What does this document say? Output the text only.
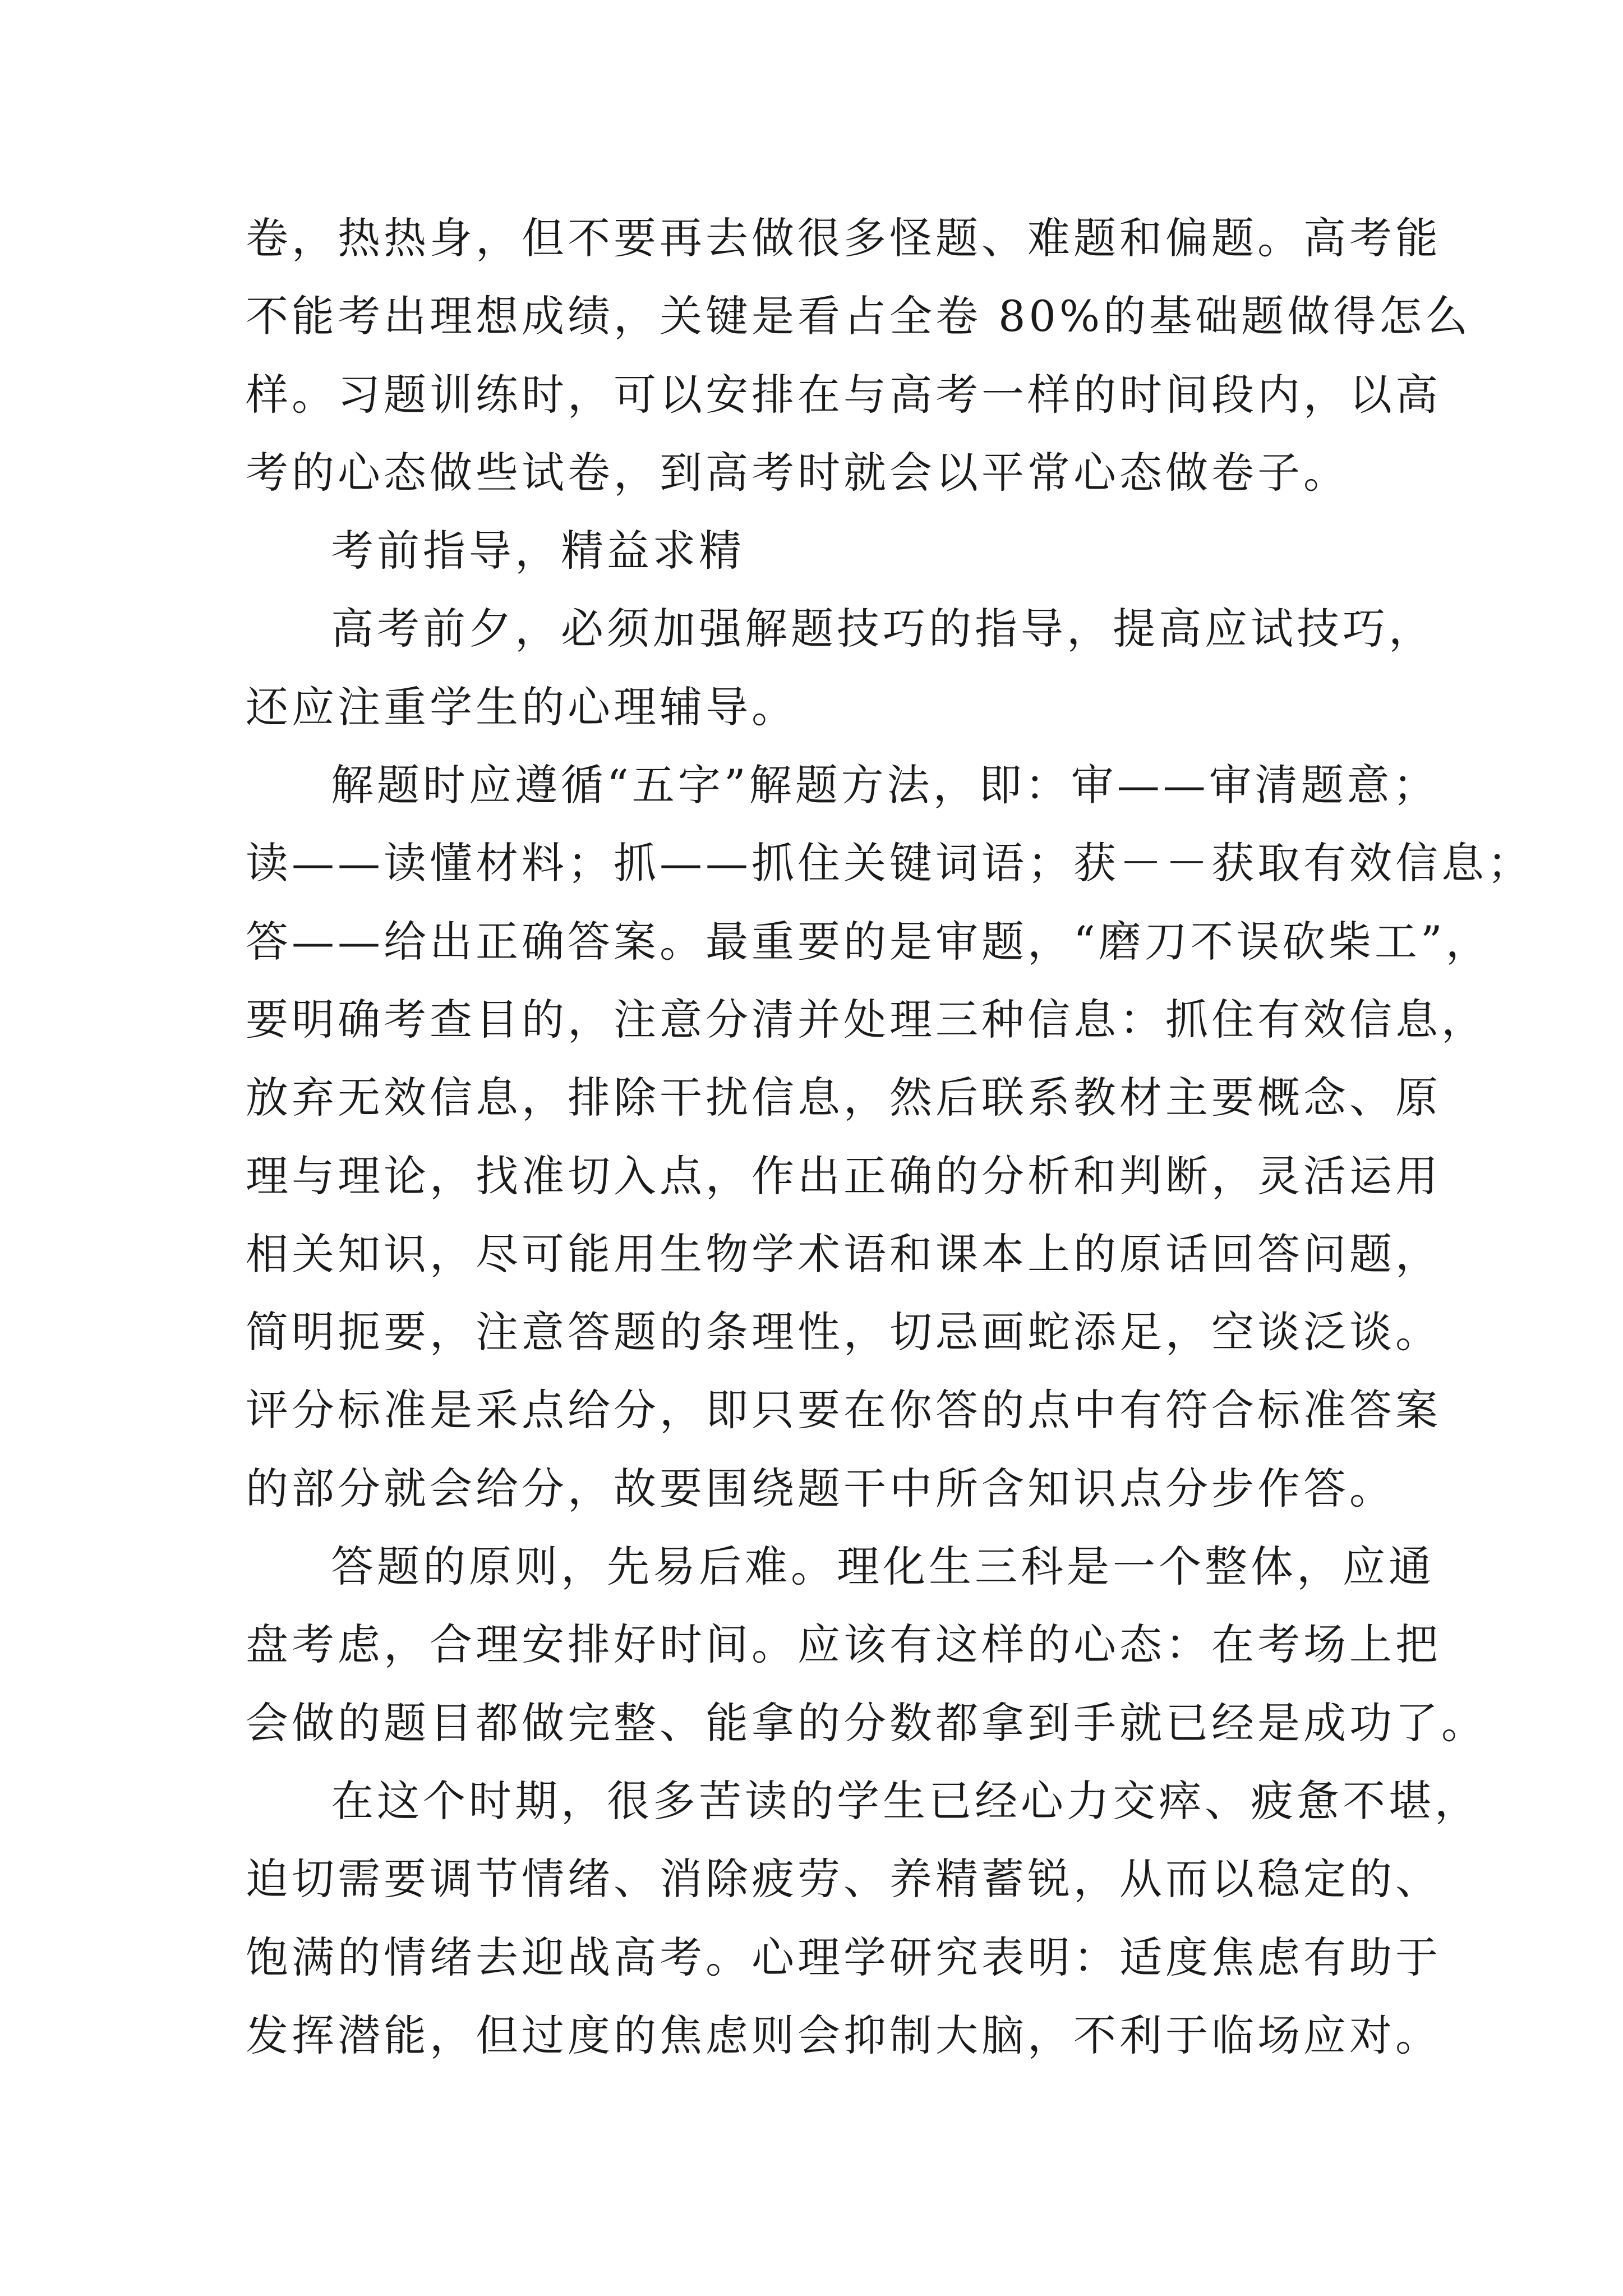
卷，热热身，但不要再去做很多怪题、难题和偏题。高考能
不能考出理想成绩，关键是看占全卷 80%的基础题做得怎么
样。习题训练时，可以安排在与高考一样的时间段内，以高
考的心态做些试卷，到高考时就会以平常心态做卷子。
考前指导，精益求精
高考前夕，必须加强解题技巧的指导，提高应试技巧，
还应注重学生的心理辅导。
解题时应遵循“五字”解题方法，即：审——审清题意；
读——读懂材料；抓——抓住关键词语；获－－获取有效信息；
答——给出正确答案。最重要的是审题，“磨刀不误砍柴工”，
要明确考查目的，注意分清并处理三种信息：抓住有效信息，
放弃无效信息，排除干扰信息，然后联系教材主要概念、原
理与理论，找准切入点，作出正确的分析和判断，灵活运用
相关知识，尽可能用生物学术语和课本上的原话回答问题，
简明扼要，注意答题的条理性，切忌画蛇添足，空谈泛谈。
评分标准是采点给分，即只要在你答的点中有符合标准答案
的部分就会给分，故要围绕题干中所含知识点分步作答。
答题的原则，先易后难。理化生三科是一个整体，应通
盘考虑，合理安排好时间。应该有这样的心态：在考场上把
会做的题目都做完整、能拿的分数都拿到手就已经是成功了。
在这个时期，很多苦读的学生已经心力交瘁、疲惫不堪，
迫切需要调节情绪、消除疲劳、养精蓄锐，从而以稳定的、
饱满的情绪去迎战高考。心理学研究表明：适度焦虑有助于
发挥潜能，但过度的焦虑则会抑制大脑，不利于临场应对。
